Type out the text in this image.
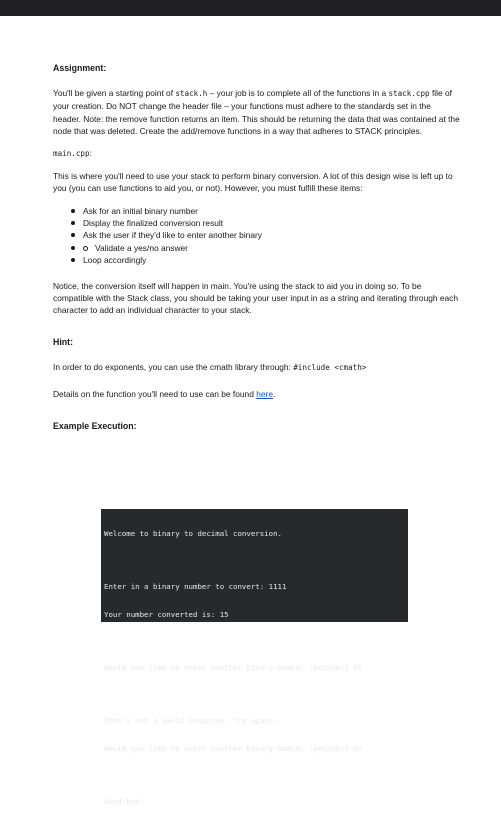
Assignment:

You'll be given a starting point of stack.h – your job is to complete all of the functions in a stack.cpp file of your creation. Do NOT change the header file – your functions must adhere to the standards set in the header. Note: the remove function returns an item. This should be returning the data that was contained at the node that was deleted. Create the add/remove functions in a way that adheres to STACK principles.

main.cpp:

This is where you'll need to use your stack to perform binary conversion. A lot of this design wise is left up to you (you can use functions to aid you, or not). However, you must fulfill these items:

Ask for an initial binary number
Display the finalized conversion result
Ask the user if they'd like to enter another binary
Validate a yes/no answer
Loop accordingly

Notice, the conversion itself will happen in main. You're using the stack to aid you in doing so. To be compatible with the Stack class, you should be taking your user input in as a string and iterating through each character to add an individual character to your stack.

Hint:

In order to do exponents, you can use the cmath library through: #include <cmath>

Details on the function you'll need to use can be found here.

Example Execution:

Welcome to binary to decimal conversion.

Enter in a binary number to convert: 1111

Your number converted is: 15

Would you like to enter another binary number (yes/no)? df

That's not a valid response. Try again.

Would you like to enter another binary number (yes/no)? no

Good-bye!
